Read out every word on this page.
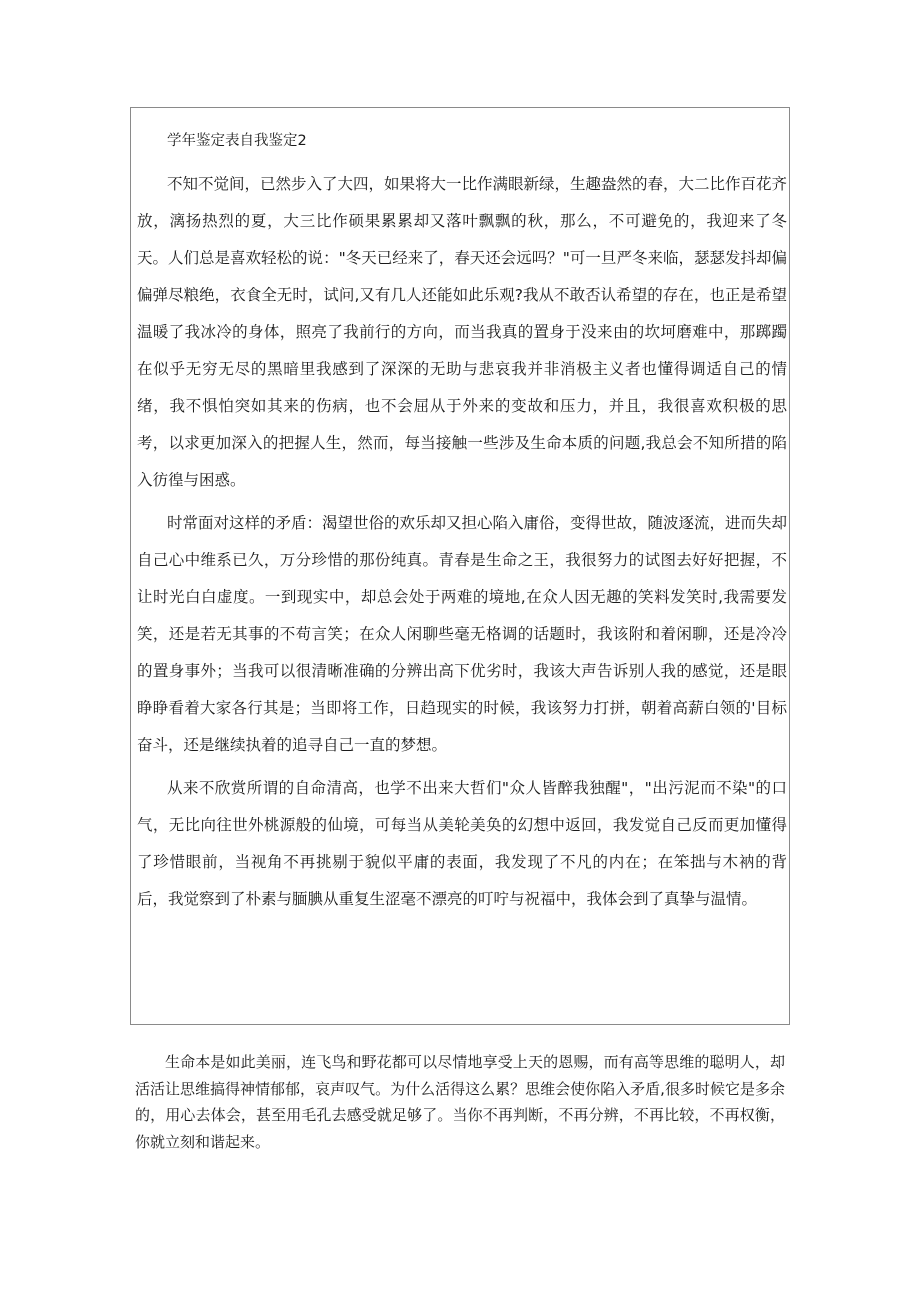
学年鉴定表自我鉴定2

不知不觉间，已然步入了大四，如果将大一比作满眼新绿，生趣盎然的春，大二比作百花齐放，漓扬热烈的夏，大三比作硕果累累却又落叶飘飘的秋，那么，不可避免的，我迎来了冬天。人们总是喜欢轻松的说："冬天已经来了，春天还会远吗？"可一旦严冬来临，瑟瑟发抖却偏偏弹尽粮绝，衣食全无时，试问,又有几人还能如此乐观?我从不敢否认希望的存在，也正是希望温暖了我冰冷的身体，照亮了我前行的方向，而当我真的置身于没来由的坎坷磨难中，那踯躅在似乎无穷无尽的黑暗里我感到了深深的无助与悲哀我并非消极主义者也懂得调适自己的情绪，我不惧怕突如其来的伤病，也不会屈从于外来的变故和压力，并且，我很喜欢积极的思考，以求更加深入的把握人生，然而，每当接触一些涉及生命本质的问题,我总会不知所措的陷入彷徨与困惑。

时常面对这样的矛盾：渴望世俗的欢乐却又担心陷入庸俗，变得世故，随波逐流，进而失却自己心中维系已久，万分珍惜的那份纯真。青春是生命之王，我很努力的试图去好好把握，不让时光白白虚度。一到现实中，却总会处于两难的境地,在众人因无趣的笑料发笑时,我需要发笑，还是若无其事的不苟言笑；在众人闲聊些毫无格调的话题时，我该附和着闲聊，还是冷冷的置身事外；当我可以很清晰准确的分辨出高下优劣时，我该大声告诉别人我的感觉，还是眼睁睁看着大家各行其是；当即将工作，日趋现实的时候，我该努力打拼，朝着高薪白领的'目标奋斗，还是继续执着的追寻自己一直的梦想。

从来不欣赏所谓的自命清高，也学不出来大哲们"众人皆醉我独醒"，"出污泥而不染"的口气，无比向往世外桃源般的仙境，可每当从美轮美奂的幻想中返回，我发觉自己反而更加懂得了珍惜眼前，当视角不再挑剔于貌似平庸的表面，我发现了不凡的内在；在笨拙与木衲的背后，我觉察到了朴素与腼腆从重复生涩毫不漂亮的叮咛与祝福中，我体会到了真挚与温情。

生命本是如此美丽，连飞鸟和野花都可以尽情地享受上天的恩赐，而有高等思维的聪明人，却活活让思维搞得神情郁郁，哀声叹气。为什么活得这么累？思维会使你陷入矛盾,很多时候它是多余的，用心去体会，甚至用毛孔去感受就足够了。当你不再判断，不再分辨，不再比较，不再权衡，你就立刻和谐起来。
